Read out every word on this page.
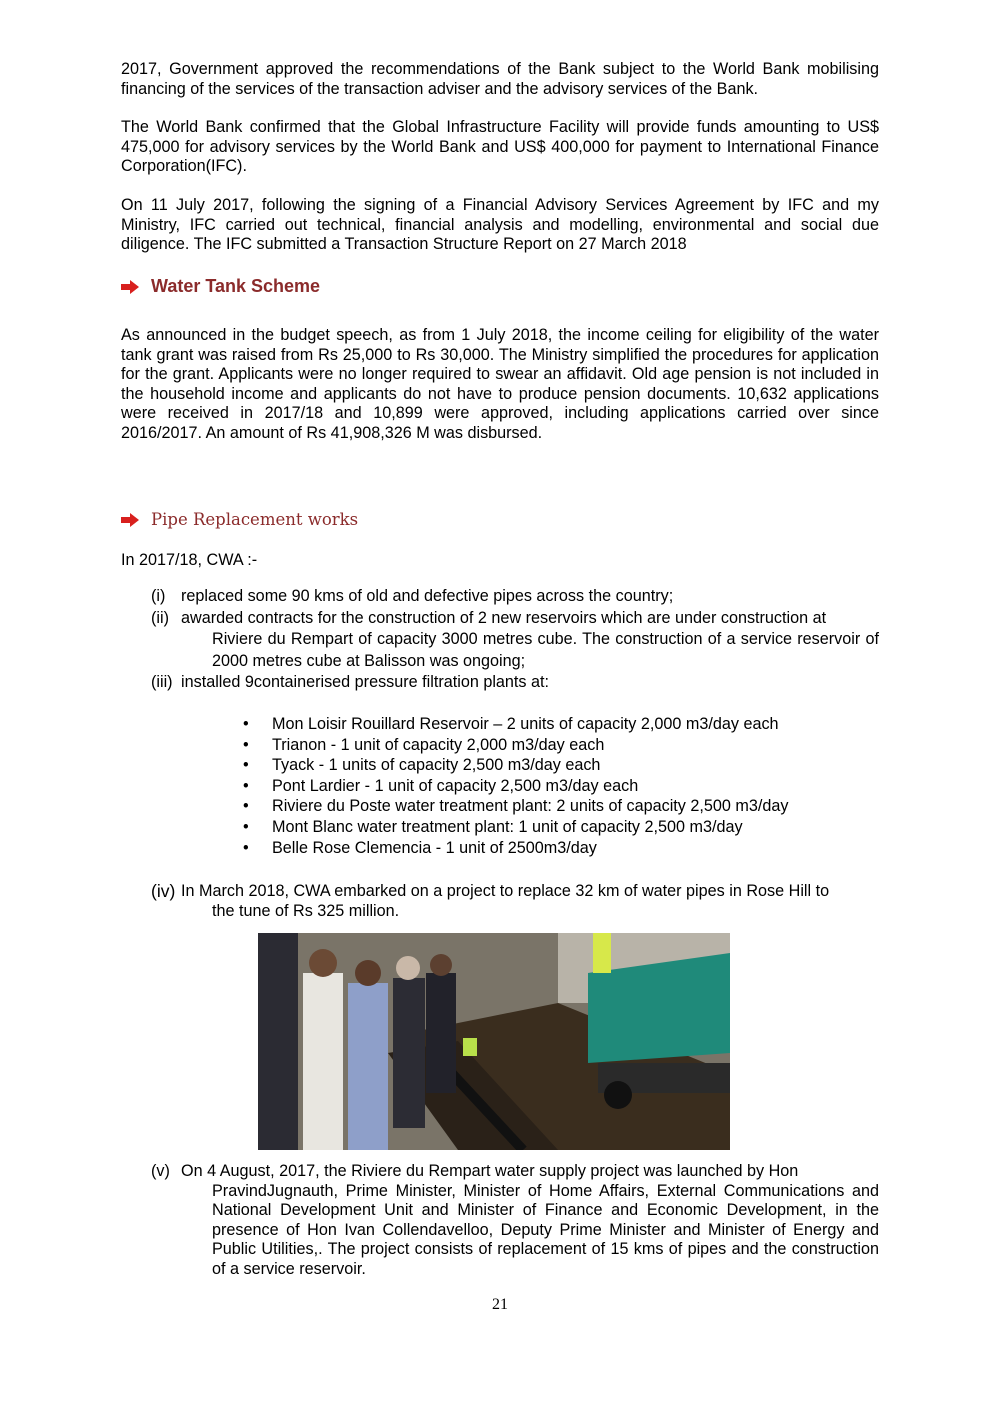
2017, Government approved the recommendations of the Bank subject to the World Bank mobilising financing of the services of the transaction adviser and the advisory services of the Bank.

The World Bank confirmed that the Global Infrastructure Facility will provide funds amounting to US$ 475,000 for advisory services by the World Bank and US$ 400,000 for payment to International Finance Corporation(IFC).

On 11 July 2017, following the signing of a Financial Advisory Services Agreement by IFC and my Ministry, IFC carried out technical, financial analysis and modelling, environmental and social due diligence. The IFC submitted a Transaction Structure Report on 27 March 2018

Water Tank Scheme

As announced in the budget speech, as from 1 July 2018, the income ceiling for eligibility of the water tank grant was raised from Rs 25,000 to Rs 30,000. The Ministry simplified the procedures for application for the grant. Applicants were no longer required to swear an affidavit. Old age pension is not included in the household income and applicants do not have to produce pension documents. 10,632 applications were received in 2017/18 and 10,899 were approved, including applications carried over since 2016/2017. An amount of Rs 41,908,326 M was disbursed.

Pipe Replacement works
In 2017/18, CWA :-
(i) replaced some 90 kms of old and defective pipes across the country;
(ii) awarded contracts for the construction of 2 new reservoirs which are under construction at
Riviere du Rempart of capacity 3000 metres cube. The construction of a service reservoir of 2000 metres cube at Balisson was ongoing;
(iii) installed 9containerised pressure filtration plants at:
•	Mon Loisir Rouillard Reservoir – 2 units of capacity 2,000 m3/day each
•	Trianon - 1 unit of capacity 2,000 m3/day each
•	Tyack - 1 units of capacity 2,500 m3/day each
•	Pont Lardier - 1 unit of capacity 2,500 m3/day each
•	Riviere du Poste water treatment plant: 2 units of capacity 2,500 m3/day
•	Mont Blanc water treatment plant: 1 unit of capacity 2,500 m3/day
•	Belle Rose Clemencia - 1 unit of 2500m3/day
(iv) In March 2018, CWA embarked on a project to replace 32 km of water pipes in Rose Hill to
the tune of Rs 325 million.
(v) On 4 August, 2017, the Riviere du Rempart water supply project was launched by Hon
PravindJugnauth, Prime Minister, Minister of Home Affairs, External Communications and National Development Unit and Minister of Finance and Economic Development, in the presence of Hon Ivan Collendavelloo, Deputy Prime Minister and Minister of Energy and Public Utilities,. The project consists of replacement of 15 kms of pipes and the construction of a service reservoir.
21
